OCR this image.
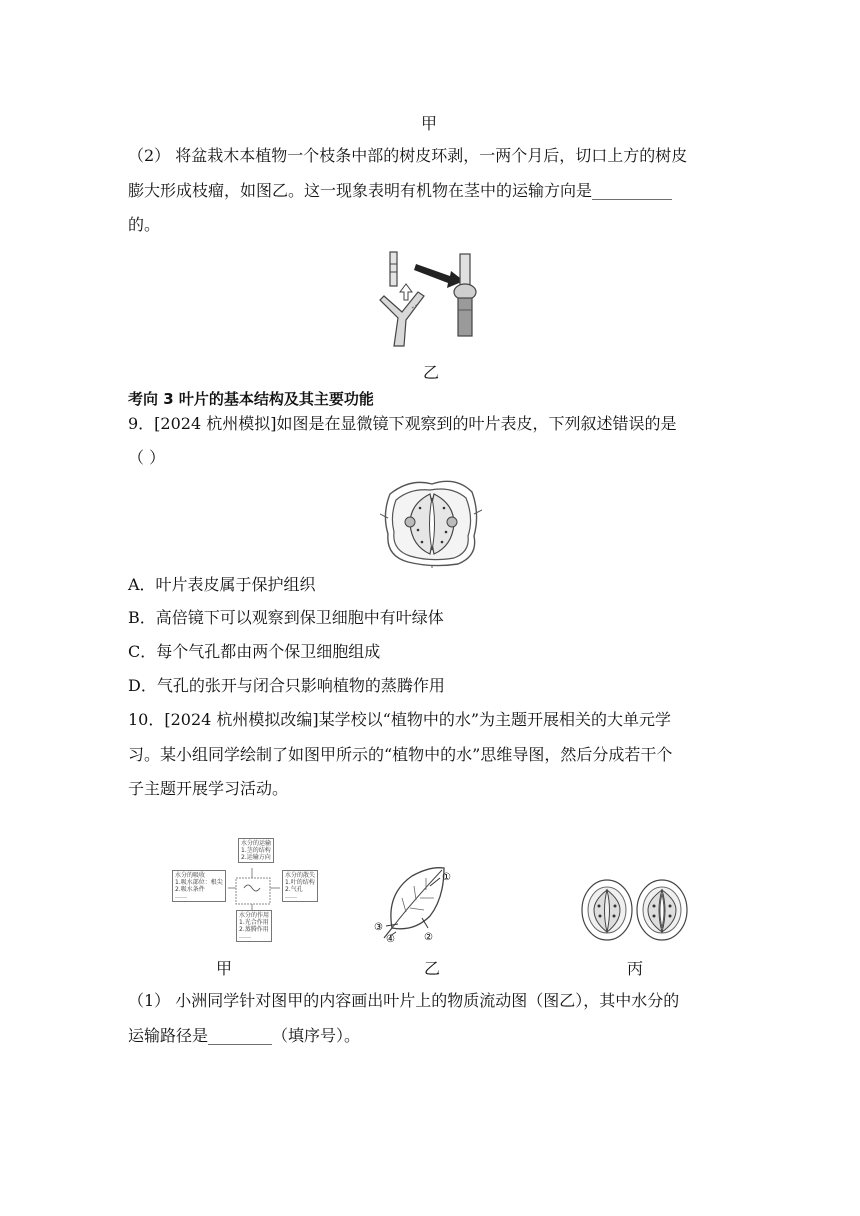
甲
（2） 将盆栽木本植物一个枝条中部的树皮环剥，一两个月后，切口上方的树皮
膨大形成枝瘤，如图乙。这一现象表明有机物在茎中的运输方向是__________
的。
乙
考向 3 叶片的基本结构及其主要功能
9．[2024 杭州模拟]如图是在显微镜下观察到的叶片表皮，下列叙述错误的是
（ ）
A．叶片表皮属于保护组织
B．高倍镜下可以观察到保卫细胞中有叶绿体
C．每个气孔都由两个保卫细胞组成
D．气孔的张开与闭合只影响植物的蒸腾作用
10．[2024 杭州模拟改编]某学校以“植物中的水”为主题开展相关的大单元学
习。某小组同学绘制了如图甲所示的“植物中的水”思维导图，然后分成若干个
子主题开展学习活动。
水分的运输
1.茎的结构
2.运输方向
水分的吸收
1.吸水部位：根尖
2.吸水条件
……
水分的散失
1.叶的结构
2.气孔
……
水分的作用
1.光合作用
2.蒸腾作用
……
①
②
③
④
甲	乙	丙
（1） 小洲同学针对图甲的内容画出叶片上的物质流动图（图乙），其中水分的
运输路径是________（填序号）。
